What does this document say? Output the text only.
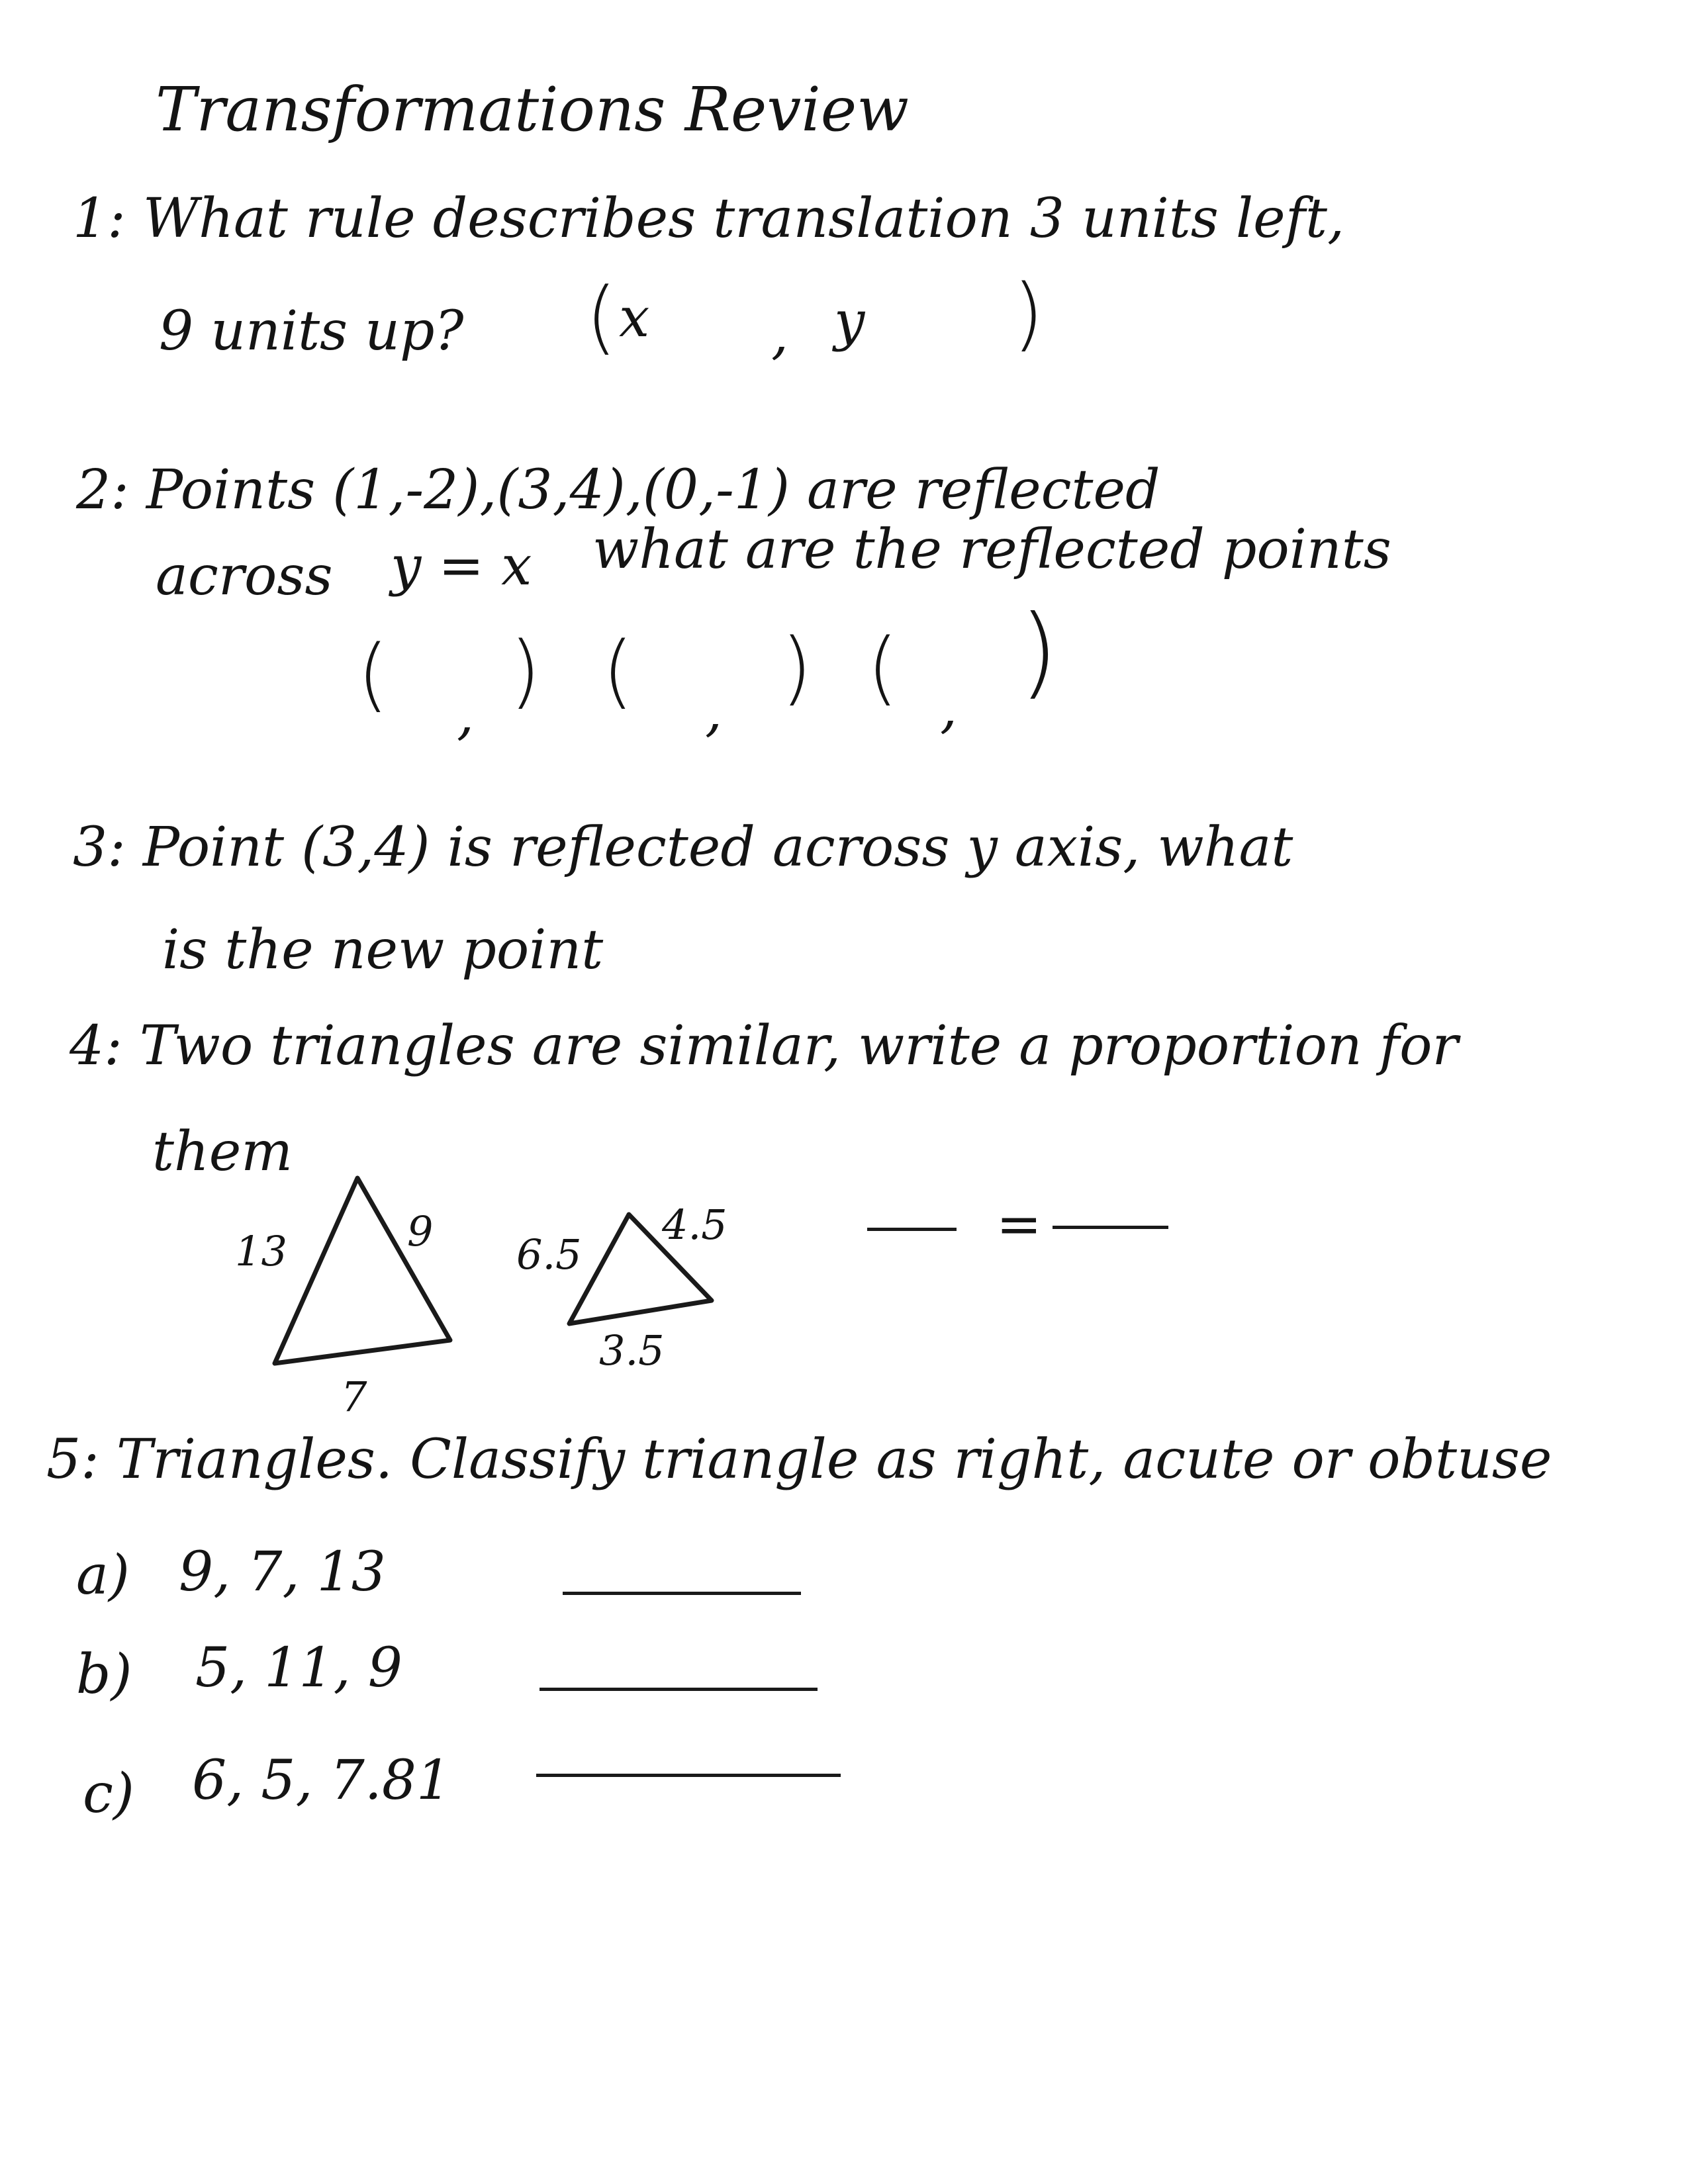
Transformations Review
1: What rule describes translation 3 units left,
9 units up? ( x , y )
2: Points (1,-2),(3,4),(0,-1) are reflected
across y = x what are the reflected points
( , ) ( , ) ( , )
3: Point (3,4) is reflected across y axis, what
is the new point
4: Two triangles are similar, write a proportion for
them
13	9
7
6.5
4.5
3.5
=
5: Triangles. Classify triangle as right, acute or obtuse
a) 9, 7, 13
b) 5, 11, 9
c) 6, 5, 7.81
